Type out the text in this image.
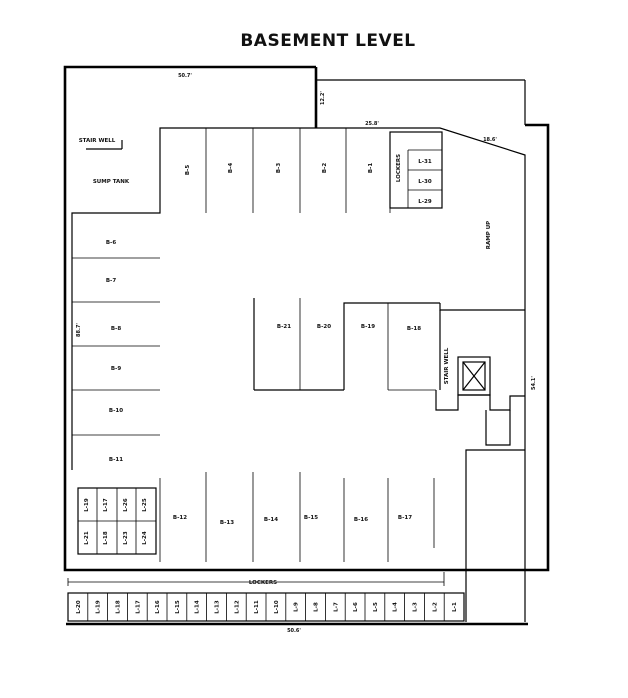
BASEMENT LEVEL
50.7'
12.2'
25.8'
18.6'
88.7'
54.1'
50.6'
STAIR WELL
SUMP TANK
B-5	B-4	B-3	B-2	B-1	LOCKERS	L-31
L-30
L-29
RAMP UP
B-6
B-7
B-8
B-9
B-10
B-11
B-21	B-20	B-19	B-18
STAIR WELL
B-12
B-13	B-14	B-15	B-16	B-17
L-19 L-17	L-26 L-25
L-21 L-18	L-23 L-24
LOCKERS
L-20	L-19	L-18	L-17	L-16	L-15	L-14	L-13	L-12	L-11	L-10	L-9	L-8	L-7	L-6	L-5	L-4	L-3	L-2	L-1
